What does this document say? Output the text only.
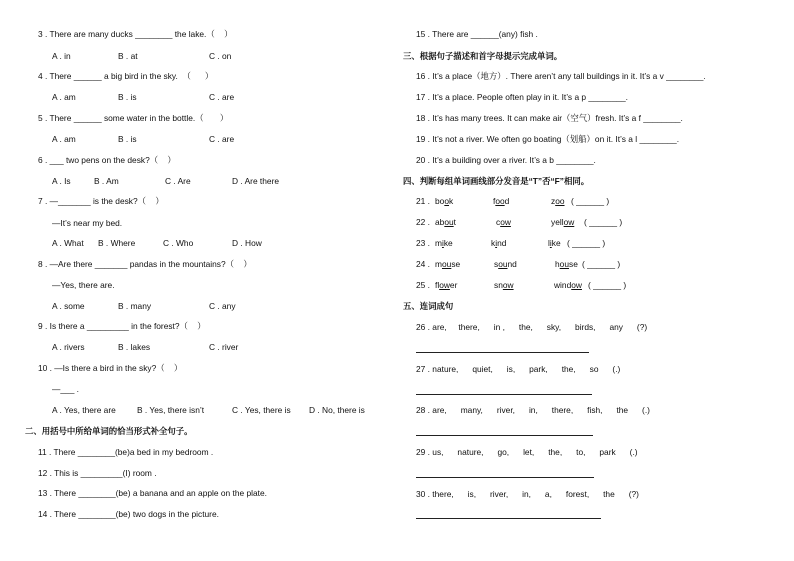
3 . There are many ducks ________ the lake.（    ）
A . in	B . at	C . on
4 . There ______ a big bird in the sky.  （      ）
A . am	B . is	C . are
5 . There ______ some water in the bottle.（       ）
A . am	B . is	C . are
6 . ___ two pens on the desk?（    ）
A . Is	B . Am	C . Are	D . Are there
7 . —_______ is the desk?（    ）
—It’s near my bed.
A . What B . Where	C . Who	D . How
8 . —Are there _______ pandas in the mountains?（    ）
—Yes, there are.
A . some	B . many	C . any
9 . Is there a _________ in the forest?（    ）
A . rivers	B . lakes	C . river
10 . —Is there a bird in the sky?（    ）
—___ .
A . Yes, there are	B . Yes, there isn’t	C . Yes, there is D . No, there is
二、用括号中所给单词的恰当形式补全句子。
11 . There ________(be)a bed in my bedroom .
12 . This is _________(I) room .
13 . There ________(be) a banana and an apple on the plate.
14 . There ________(be) two dogs in the picture.
15 . There are ______(any) fish .
三、根据句子描述和首字母提示完成单词。
16 . It’s a place（地方）. There aren’t any tall buildings in it. It’s a v ________.
17 . It’s a place. People often play in it. It’s a p ________.
18 . It’s has many trees. It can make air（空气）fresh. It’s a f ________.
19 . It’s not a river. We often go boating（划船）on it. It’s a l ________.
20 . It’s a building over a river. It’s a b ________.
四、判断每组单词画线部分发音是“T”否“F”相同。
21 . book	food	zoo ( ______ )
22 . about	cow	yellow ( ______ )
23 . mike	kind	like ( ______ )
24 . mouse	sound	house ( ______ )
25 . flower	snow	window ( ______ )
五、连词成句
26 . are,     there,      in ,      the,      sky,      birds,      any      (?)
27 . nature,      quiet,      is,      park,      the,      so      (.)
28 . are,      many,      river,      in,      there,      fish,      the      (.)
29 . us,      nature,      go,      let,      the,      to,      park      (.)
30 . there,      is,      river,      in,      a,      forest,      the      (?)
